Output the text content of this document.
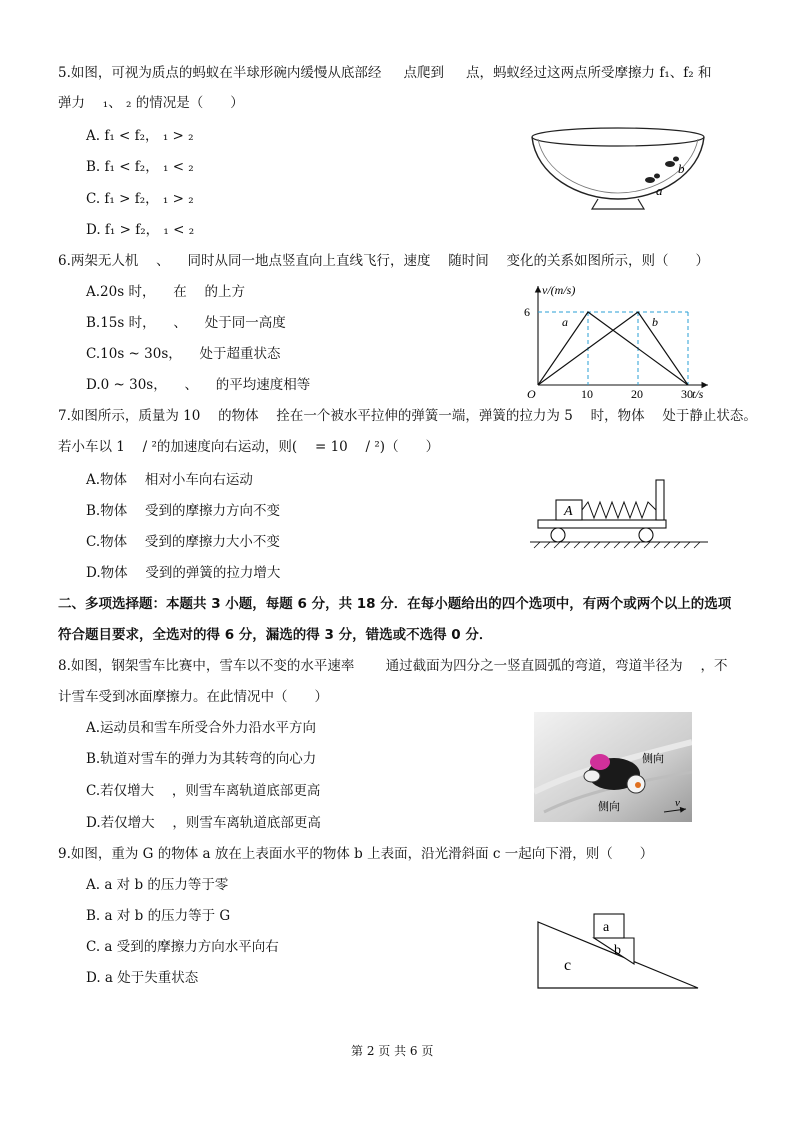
5.如图，可视为质点的蚂蚁在半球形碗内缓慢从底部经 　 点爬到 　 点，蚂蚁经过这两点所受摩擦力 f₁、f₂ 和
弹力 　₁、 ₂ 的情况是（　　）
A. f₁ < f₂， ₁ > ₂
B. f₁ < f₂， ₁ < ₂
C. f₁ > f₂， ₁ > ₂
D. f₁ > f₂， ₁ < ₂
a
b
6.两架无人机 　、 　同时从同一地点竖直向上直线飞行，速度 　随时间 　变化的关系如图所示，则（　　）
A.20s 时， 　在 　的上方
B.15s 时， 　、 　处于同一高度
C.10s ~ 30s， 　处于超重状态
D.0 ~ 30s， 　、 　的平均速度相等
v/(m/s)
t/s
O
a	b
10	20	30
6
7.如图所示，质量为 10 　的物体 　拴在一个被水平拉伸的弹簧一端，弹簧的拉力为 5 　时，物体 　处于静止状态。
若小车以 1 　/ ²的加速度向右运动，则( 　= 10 　/ ²)（　　）
A.物体 　相对小车向右运动
B.物体 　受到的摩擦力方向不变
C.物体 　受到的摩擦力大小不变
D.物体 　受到的弹簧的拉力增大
A
二、多项选择题：本题共 3 小题，每题 6 分，共 18 分．在每小题给出的四个选项中，有两个或两个以上的选项
符合题目要求，全选对的得 6 分，漏选的得 3 分，错选或不选得 0 分．
8.如图，钢架雪车比赛中，雪车以不变的水平速率 　　通过截面为四分之一竖直圆弧的弯道，弯道半径为 　，不
计雪车受到冰面摩擦力。在此情况中（　　）
A.运动员和雪车所受合外力沿水平方向
B.轨道对雪车的弹力为其转弯的向心力
C.若仅增大 　，则雪车离轨道底部更高
D.若仅增大 　，则雪车离轨道底部更高
侧向
侧向	v
9.如图，重为 G 的物体 a 放在上表面水平的物体 b 上表面，沿光滑斜面 c 一起向下滑，则（　　）
A. a 对 b 的压力等于零
B. a 对 b 的压力等于 G
C. a 受到的摩擦力方向水平向右
D. a 处于失重状态
a
b
c
第 2 页 共 6 页
